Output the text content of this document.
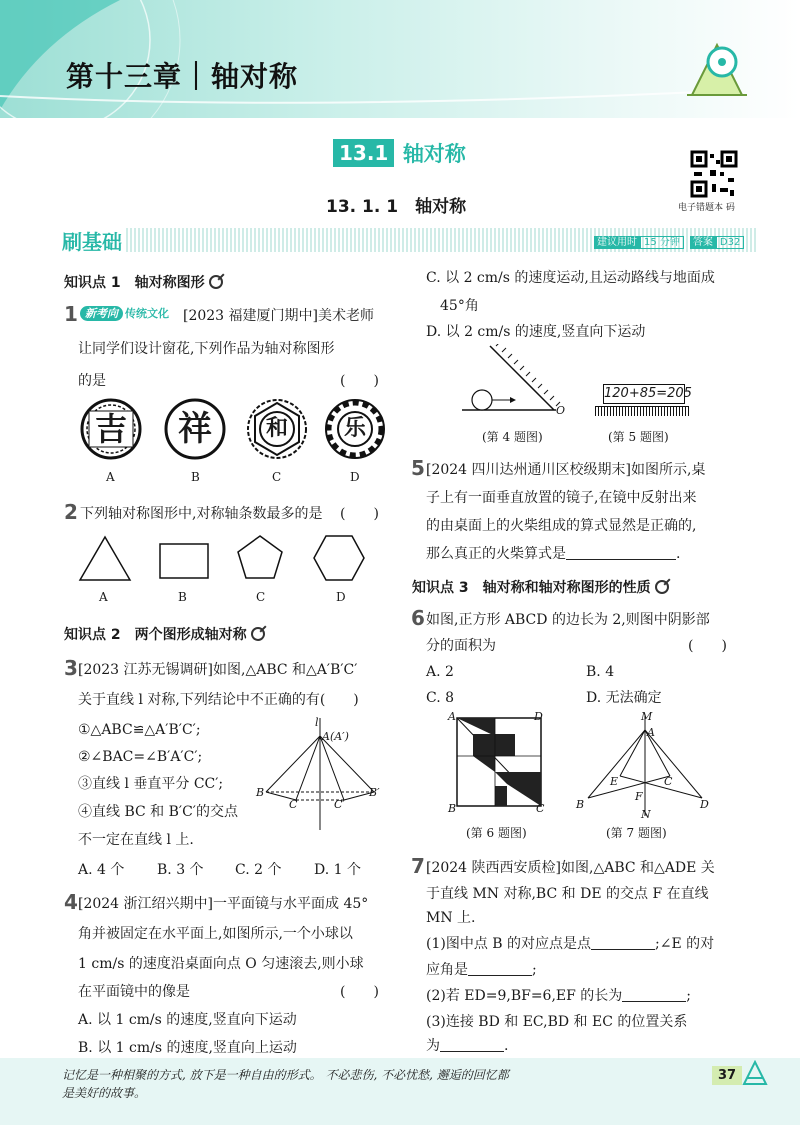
第十三章｜轴对称
13.1 轴对称
13. 1. 1　轴对称	电子错题本 码
刷基础	建议用时 15 分钟 答案 D32
知识点 1　轴对称图形
1 新考向 传统文化 [2023 福建厦门期中]美术老师
让同学们设计窗花,下列作品为轴对称图形
的是	(　　)
吉	祥	和	乐
A	B	C	D
2 下列轴对称图形中,对称轴条数最多的是 (　　)
A	B	C	D
知识点 2　两个图形成轴对称
3 [2023 江苏无锡调研]如图,△ABC 和△A′B′C′
关于直线 l 对称,下列结论中不正确的有(　　)
①△ABC≌△A′B′C′;
②∠BAC=∠B′A′C′;
③直线 l 垂直平分 CC′;
④直线 BC 和 B′C′的交点
不一定在直线 l 上.
l
A(A′)
B
C	C′
B′
A. 4 个 B. 3 个 C. 2 个 D. 1 个
4 [2024 浙江绍兴期中]一平面镜与水平面成 45°
角并被固定在水平面上,如图所示,一个小球以
1 cm/s 的速度沿桌面向点 O 匀速滚去,则小球
在平面镜中的像是	(　　)
A. 以 1 cm/s 的速度,竖直向下运动
B. 以 1 cm/s 的速度,竖直向上运动
C. 以 2 cm/s 的速度运动,且运动路线与地面成
45°角
D. 以 2 cm/s 的速度,竖直向下运动
O
(第 4 题图)
120+85=205
(第 5 题图)
5 [2024 四川达州通川区校级期末]如图所示,桌
子上有一面垂直放置的镜子,在镜中反射出来
的由桌面上的火柴组成的算式显然是正确的,
那么真正的火柴算式是	.
知识点 3　轴对称和轴对称图形的性质
6 如图,正方形 ABCD 的边长为 2,则图中阴影部
分的面积为	(　　)
A. 2	B. 4
C. 8	D. 无法确定
A	D
B	C
(第 6 题图)
M
A
E	C
F
B	D
N
(第 7 题图)
7 [2024 陕西西安质检]如图,△ABC 和△ADE 关
于直线 MN 对称,BC 和 DE 的交点 F 在直线
MN 上.
(1)图中点 B 的对应点是点	;∠E 的对
应角是	;
(2)若 ED=9,BF=6,EF 的长为	;
(3)连接 BD 和 EC,BD 和 EC 的位置关系
为	.
记忆是一种相聚的方式, 放下是一种自由的形式。 不必悲伤, 不必忧愁, 邂逅的回忆都
是美好的故事。
37
